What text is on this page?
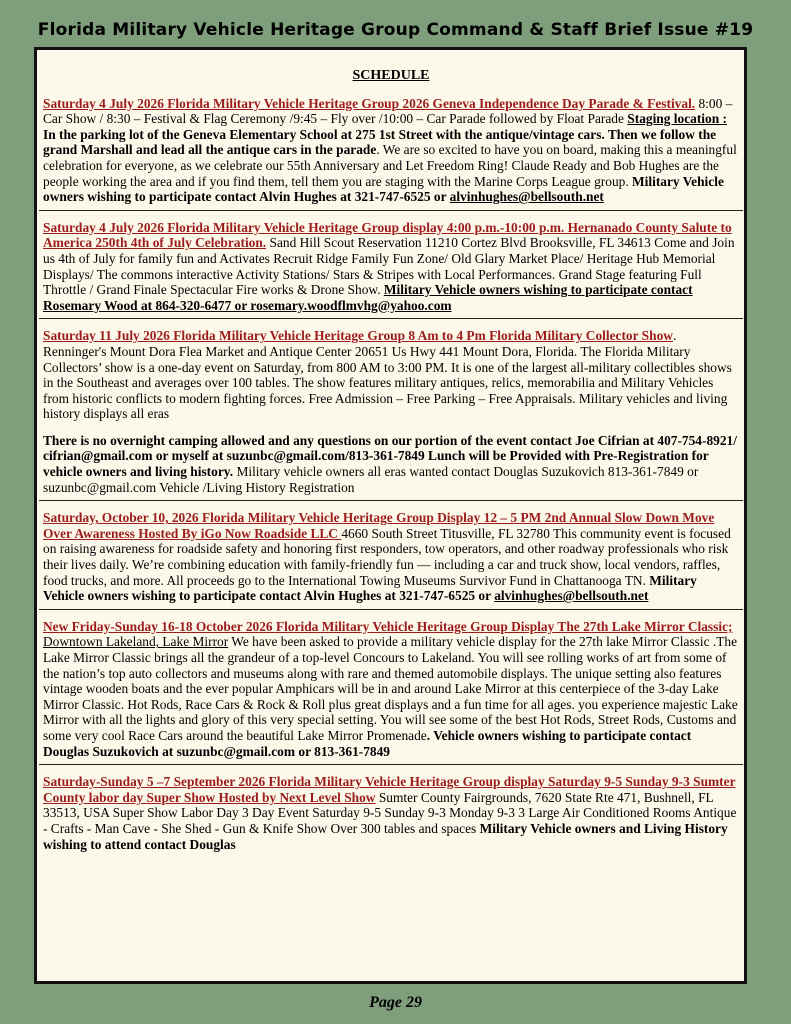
Florida Military Vehicle Heritage Group Command & Staff Brief Issue #19
SCHEDULE
Saturday 4 July 2026 Florida Military Vehicle Heritage Group 2026 Geneva Independence Day Parade & Festival. 8:00 – Car Show / 8:30 – Festival & Flag Ceremony /9:45 – Fly over /10:00 – Car Parade followed by Float Parade Staging location : In the parking lot of the Geneva Elementary School at 275 1st Street with the antique/vintage cars. Then we follow the grand Marshall and lead all the antique cars in the parade. We are so excited to have you on board, making this a meaningful celebration for everyone, as we celebrate our 55th Anniversary and Let Freedom Ring! Claude Ready and Bob Hughes are the people working the area and if you find them, tell them you are staging with the Marine Corps League group. Military Vehicle owners wishing to participate contact Alvin Hughes at 321-747-6525 or alvinhughes@bellsouth.net
Saturday 4 July 2026 Florida Military Vehicle Heritage Group display 4:00 p.m.-10:00 p.m. Hernanado County Salute to America 250th 4th of July Celebration. Sand Hill Scout Reservation 11210 Cortez Blvd Brooksville, FL 34613 Come and Join us 4th of July for family fun and Activates Recruit Ridge Family Fun Zone/ Old Glary Market Place/ Heritage Hub Memorial Displays/ The commons interactive Activity Stations/ Stars & Stripes with Local Performances. Grand Stage featuring Full Throttle / Grand Finale Spectacular Fire works & Drone Show. Military Vehicle owners wishing to participate contact Rosemary Wood at 864-320-6477 or rosemary.woodflmvhg@yahoo.com
Saturday 11 July 2026 Florida Military Vehicle Heritage Group 8 Am to 4 Pm Florida Military Collector Show. Renninger's Mount Dora Flea Market and Antique Center 20651 Us Hwy 441 Mount Dora, Florida. The Florida Military Collectors’ show is a one-day event on Saturday, from 800 AM to 3:00 PM. It is one of the largest all-military collectibles shows in the Southeast and averages over 100 tables. The show features military antiques, relics, memorabilia and Military Vehicles from historic conflicts to modern fighting forces. Free Admission – Free Parking – Free Appraisals. Military vehicles and living history displays all eras
There is no overnight camping allowed and any questions on our portion of the event contact Joe Cifrian at 407-754-8921/ cifrian@gmail.com or myself at suzunbc@gmail.com/813-361-7849 Lunch will be Provided with Pre-Registration for vehicle owners and living history. Military vehicle owners all eras wanted contact Douglas Suzukovich 813-361-7849 or suzunbc@gmail.com Vehicle /Living History Registration
Saturday, October 10, 2026 Florida Military Vehicle Heritage Group Display 12 – 5 PM 2nd Annual Slow Down Move Over Awareness Hosted By iGo Now Roadside LLC 4660 South Street Titusville, FL 32780 This community event is focused on raising awareness for roadside safety and honoring first responders, tow operators, and other roadway professionals who risk their lives daily. We’re combining education with family-friendly fun — including a car and truck show, local vendors, raffles, food trucks, and more. All proceeds go to the International Towing Museums Survivor Fund in Chattanooga TN. Military Vehicle owners wishing to participate contact Alvin Hughes at 321-747-6525 or alvinhughes@bellsouth.net
New Friday-Sunday 16-18 October 2026 Florida Military Vehicle Heritage Group Display The 27th Lake Mirror Classic; Downtown Lakeland, Lake Mirror We have been asked to provide a military vehicle display for the 27th lake Mirror Classic .The Lake Mirror Classic brings all the grandeur of a top-level Concours to Lakeland. You will see rolling works of art from some of the nation’s top auto collectors and museums along with rare and themed automobile displays. The unique setting also features vintage wooden boats and the ever popular Amphicars will be in and around Lake Mirror at this centerpiece of the 3-day Lake Mirror Classic. Hot Rods, Race Cars & Rock & Roll plus great displays and a fun time for all ages. you experience majestic Lake Mirror with all the lights and glory of this very special setting. You will see some of the best Hot Rods, Street Rods, Customs and some very cool Race Cars around the beautiful Lake Mirror Promenade. Vehicle owners wishing to participate contact Douglas Suzukovich at suzunbc@gmail.com or 813-361-7849
Saturday-Sunday 5 –7 September 2026 Florida Military Vehicle Heritage Group display Saturday 9-5 Sunday 9-3 Sumter County labor day Super Show Hosted by Next Level Show Sumter County Fairgrounds, 7620 State Rte 471, Bushnell, FL 33513, USA Super Show Labor Day 3 Day Event Saturday 9-5 Sunday 9-3 Monday 9-3 3 Large Air Conditioned Rooms Antique - Crafts - Man Cave - She Shed - Gun & Knife Show Over 300 tables and spaces Military Vehicle owners and Living History wishing to attend contact Douglas
Page 29
